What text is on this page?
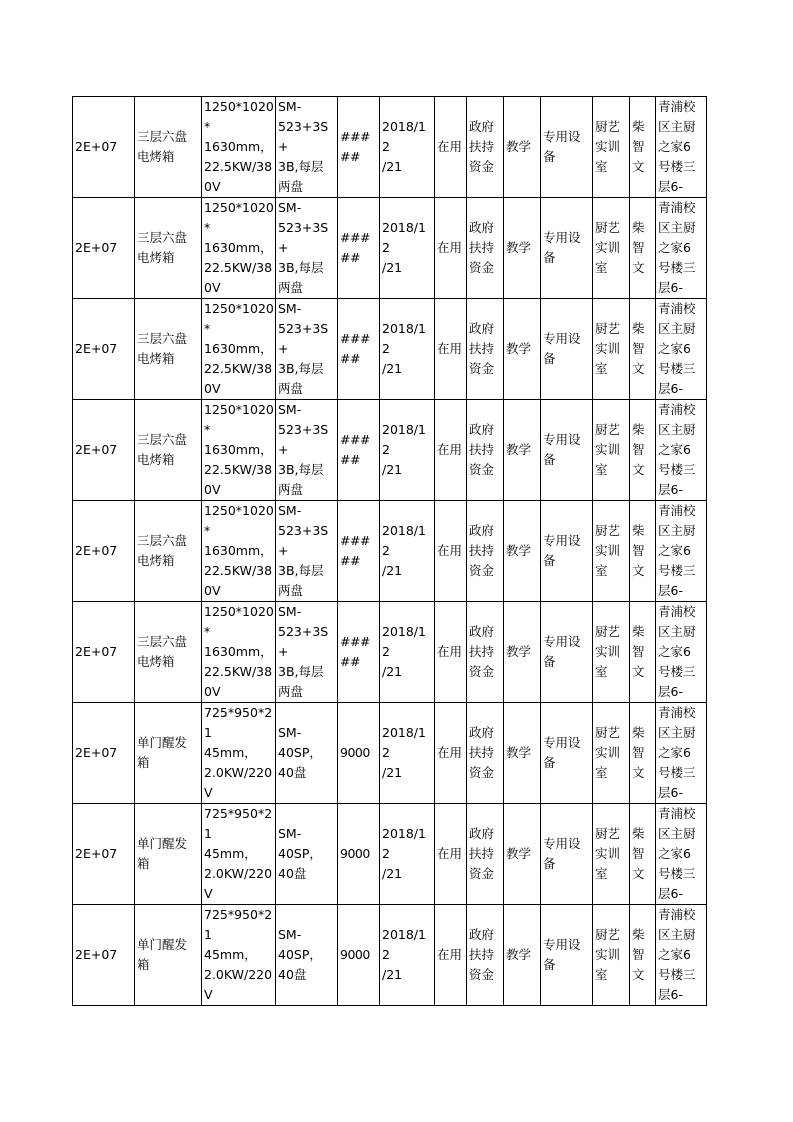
2E+07	三层六盘
电烤箱	1250*1020*
1630mm，
22.5KW/38
0V	SM-
523+3S+
3B,每层
两盘	#####	2018/12
/21	在用	政府
扶持
资金	教学	专用设
备	厨艺
实训
室	柴
智
文	青浦校
区主厨
之家6
号楼三
层6-
2E+07	三层六盘
电烤箱	1250*1020*
1630mm，
22.5KW/38
0V	SM-
523+3S+
3B,每层
两盘	#####	2018/12
/21	在用	政府
扶持
资金	教学	专用设
备	厨艺
实训
室	柴
智
文	青浦校
区主厨
之家6
号楼三
层6-
2E+07	三层六盘
电烤箱	1250*1020*
1630mm，
22.5KW/38
0V	SM-
523+3S+
3B,每层
两盘	#####	2018/12
/21	在用	政府
扶持
资金	教学	专用设
备	厨艺
实训
室	柴
智
文	青浦校
区主厨
之家6
号楼三
层6-
2E+07	三层六盘
电烤箱	1250*1020*
1630mm，
22.5KW/38
0V	SM-
523+3S+
3B,每层
两盘	#####	2018/12
/21	在用	政府
扶持
资金	教学	专用设
备	厨艺
实训
室	柴
智
文	青浦校
区主厨
之家6
号楼三
层6-
2E+07	三层六盘
电烤箱	1250*1020*
1630mm，
22.5KW/38
0V	SM-
523+3S+
3B,每层
两盘	#####	2018/12
/21	在用	政府
扶持
资金	教学	专用设
备	厨艺
实训
室	柴
智
文	青浦校
区主厨
之家6
号楼三
层6-
2E+07	三层六盘
电烤箱	1250*1020*
1630mm，
22.5KW/38
0V	SM-
523+3S+
3B,每层
两盘	#####	2018/12
/21	在用	政府
扶持
资金	教学	专用设
备	厨艺
实训
室	柴
智
文	青浦校
区主厨
之家6
号楼三
层6-
2E+07	单门醒发
箱	725*950*21
45mm，
2.0KW/220
V	SM-
40SP，
40盘	9000	2018/12
/21	在用	政府
扶持
资金	教学	专用设
备	厨艺
实训
室	柴
智
文	青浦校
区主厨
之家6
号楼三
层6-
2E+07	单门醒发
箱	725*950*21
45mm，
2.0KW/220
V	SM-
40SP，
40盘	9000	2018/12
/21	在用	政府
扶持
资金	教学	专用设
备	厨艺
实训
室	柴
智
文	青浦校
区主厨
之家6
号楼三
层6-
2E+07	单门醒发
箱	725*950*21
45mm，
2.0KW/220
V	SM-
40SP，
40盘	9000	2018/12
/21	在用	政府
扶持
资金	教学	专用设
备	厨艺
实训
室	柴
智
文	青浦校
区主厨
之家6
号楼三
层6-
